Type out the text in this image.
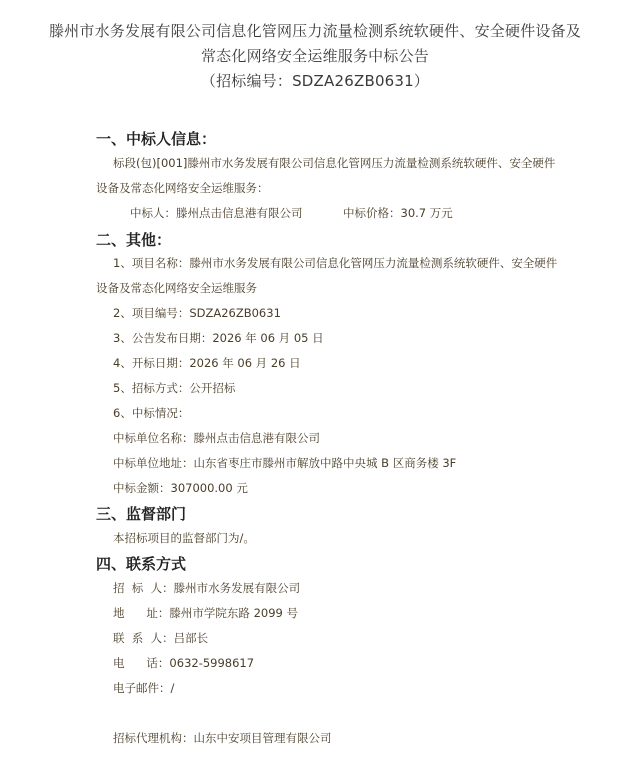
滕州市水务发展有限公司信息化管网压力流量检测系统软硬件、安全硬件设备及
常态化网络安全运维服务中标公告
（招标编号：SDZA26ZB0631）
一、中标人信息：
标段(包)[001]滕州市水务发展有限公司信息化管网压力流量检测系统软硬件、安全硬件
设备及常态化网络安全运维服务：
中标人：滕州点击信息港有限公司	中标价格：30.7 万元
二、其他：
1、项目名称：滕州市水务发展有限公司信息化管网压力流量检测系统软硬件、安全硬件
设备及常态化网络安全运维服务
2、项目编号：SDZA26ZB0631
3、公告发布日期：2026 年 06 月 05 日
4、开标日期：2026 年 06 月 26 日
5、招标方式：公开招标
6、中标情况：
中标单位名称：滕州点击信息港有限公司
中标单位地址：山东省枣庄市滕州市解放中路中央城 B 区商务楼 3F
中标金额：307000.00 元
三、监督部门
本招标项目的监督部门为/。
四、联系方式
招  标  人：滕州市水务发展有限公司
地      址：滕州市学院东路 2099 号
联  系  人：吕部长
电      话：0632-5998617
电子邮件：/
招标代理机构：山东中安项目管理有限公司
